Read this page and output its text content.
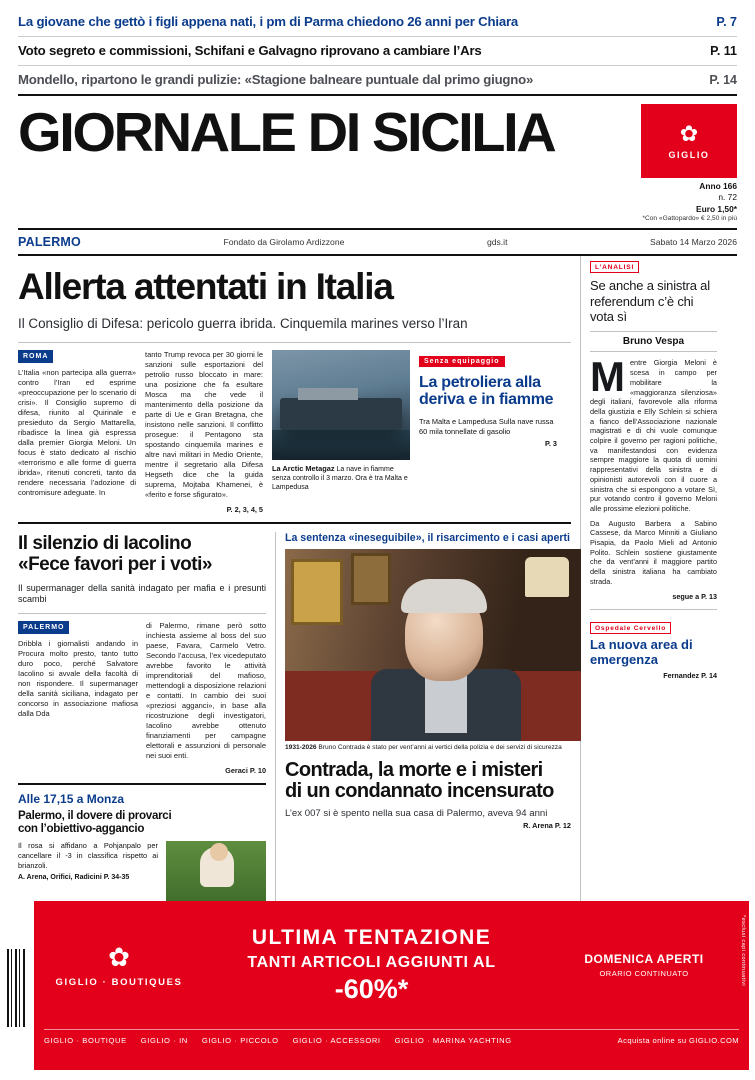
La giovane che gettò i figli appena nati, i pm di Parma chiedono 26 anni per Chiara	P. 7
Voto segreto e commissioni, Schifani e Galvagno riprovano a cambiare l’Ars	P. 11
Mondello, ripartono le grandi pulizie: «Stagione balneare puntuale dal primo giugno»	P. 14
GIORNALE DI SICILIA	✿
GIGLIO
Anno 166
n. 72
Euro 1,50*
*Con «Gattopardo» € 2,50 in più
PALERMO	Fondato da Girolamo Ardizzone	gds.it	Sabato 14 Marzo 2026
Allerta attentati in Italia
Il Consiglio di Difesa: pericolo guerra ibrida. Cinquemila marines verso l’Iran
ROMA

L’Italia «non partecipa alla guerra» contro l’Iran ed esprime «preoccupazione per lo scenario di crisi». Il Consiglio supremo di difesa, riunito al Quirinale e presieduto da Sergio Mattarella, ribadisce la linea già espressa dalla premier Giorgia Meloni. Un focus è stato dedicato al rischio «terrorismo e alle forme di guerra ibrida», ritenuti concreti, tanto da rendere necessaria l’adozione di contromisure adeguate. In

tanto Trump revoca per 30 giorni le sanzioni sulle esportazioni del petrolio russo bloccato in mare: una posizione che fa esultare Mosca ma che vede il mantenimento della posizione da parte di Ue e Gran Bretagna, che insistono nelle sanzioni. Il conflitto prosegue: il Pentagono sta spostando cinquemila marines e altre navi militari in Medio Oriente, mentre il segretario alla Difesa Hegseth dice che la guida suprema, Mojtaba Khamenei, è «ferito e forse sfigurato».

P. 2, 3, 4, 5
La Arctic Metagaz La nave in fiamme senza controllo il 3 marzo. Ora è tra Malta e Lampedusa
Senza equipaggio
La petroliera alla deriva e in fiamme
Tra Malta e Lampedusa Sulla nave russa 60 mila tonnellate di gasolio
P. 3
Il silenzio di Iacolino
«Fece favori per i voti»
Il supermanager della sanità indagato per mafia e i presunti scambi
PALERMO

Dribbla i giornalisti andando in Procura molto presto, tanto tutto duro poco, perché Salvatore Iacolino si avvale della facoltà di non rispondere. Il supermanager della sanità siciliana, indagato per concorso in associazione mafiosa dalla Dda

di Palermo, rimane però sotto inchiesta assieme al boss del suo paese, Favara, Carmelo Vetro. Secondo l’accusa, l’ex vicedeputato avrebbe favorito le attività imprenditoriali del mafioso, mettendogli a disposizione relazioni e contatti. In cambio dei suoi «preziosi agganci», in base alla ricostruzione degli investigatori, Iacolino avrebbe ottenuto finanziamenti per campagne elettorali e assunzioni di personale nei suoi enti.

Geraci P. 10
Alle 17,15 a Monza
Palermo, il dovere di provarci
con l’obiettivo-aggancio
Il rosa si affidano a Pohjanpalo per cancellare il -3 in classifica rispetto ai brianzoli.
A. Arena, Orifici, Radicini P. 34-35
La sentenza «ineseguibile», il risarcimento e i casi aperti
1931-2026 Bruno Contrada è stato per vent’anni ai vertici della polizia e dei servizi di sicurezza
Contrada, la morte e i misteri
di un condannato incensurato
L’ex 007 si è spento nella sua casa di Palermo, aveva 94 anni
R. Arena P. 12
L’ANALISI
Se anche a sinistra al referendum c’è chi vota sì
Bruno Vespa
M entre Giorgia Meloni è scesa in campo per mobilitare la «maggioranza silenziosa» degli italiani, favorevole alla riforma della giustizia e Elly Schlein si schiera a fianco dell’Associazione nazionale magistrati e di chi vuole comunque colpire il governo per ragioni politiche, va manifestandosi con evidenza sempre maggiore la quota di uomini rappresentativi della sinistra e di opinionisti autorevoli con il cuore a sinistra che si espongono a votare Sì, pur votando contro il governo Meloni alle prossime elezioni politiche.

Da Augusto Barbera a Sabino Cassese, da Marco Minniti a Giuliano Pisapia, da Paolo Mieli ad Antonio Polito. Schlein sostiene giustamente che da vent’anni il maggiore partito della sinistra italiana ha cambiato strada.

segue a P. 13
Ospedale Cervello
La nuova area di emergenza
Fernandez P. 14
*esclusi capi continuativi
✿
GIGLIO · BOUTIQUES
ULTIMA TENTAZIONE
TANTI ARTICOLI AGGIUNTI AL
-60%*
DOMENICA APERTI
ORARIO CONTINUATO
GIGLIO · BOUTIQUE GIGLIO · IN GIGLIO · PICCOLO GIGLIO · ACCESSORI GIGLIO · MARINA YACHTING	Acquista online su GIGLIO.COM
